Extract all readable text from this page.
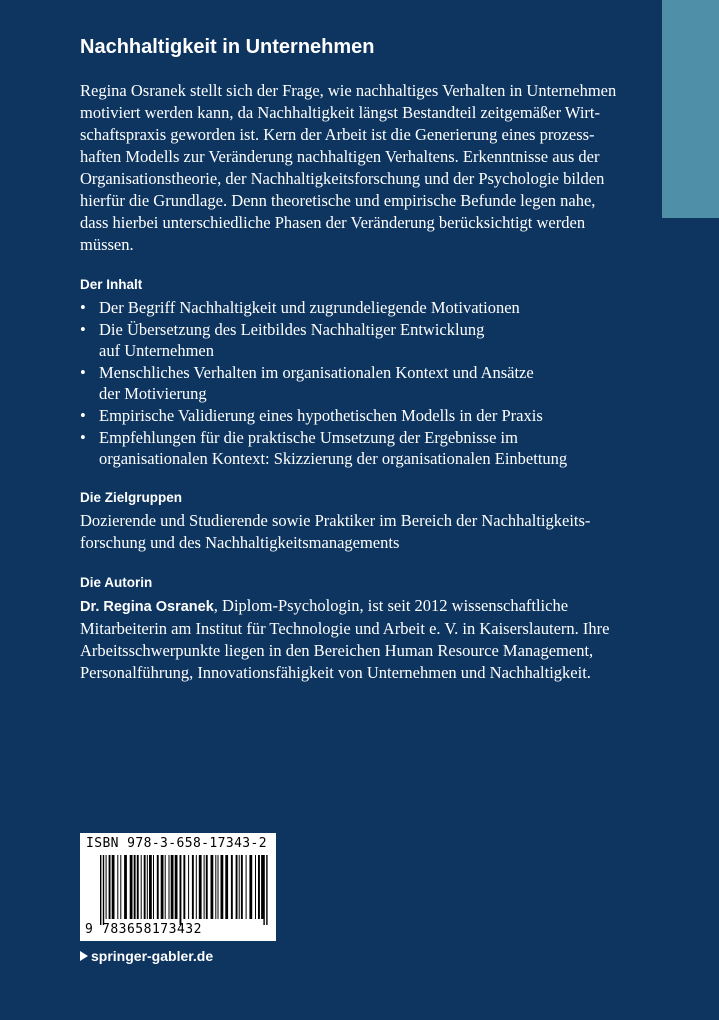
Nachhaltigkeit in Unternehmen
Regina Osranek stellt sich der Frage, wie nachhaltiges Verhalten in Unternehmen
motiviert werden kann, da Nachhaltigkeit längst Bestandteil zeitgemäßer Wirt-
schaftspraxis geworden ist. Kern der Arbeit ist die Generierung eines prozess-
haften Modells zur Veränderung nachhaltigen Verhaltens. Erkenntnisse aus der
Organisationstheorie, der Nachhaltigkeitsforschung und der Psychologie bilden
hierfür die Grundlage. Denn theoretische und empirische Befunde legen nahe,
dass hierbei unterschiedliche Phasen der Veränderung berücksichtigt werden
müssen.
Der Inhalt
• Der Begriff Nachhaltigkeit und zugrundeliegende Motivationen
• Die Übersetzung des Leitbildes Nachhaltiger Entwicklung
auf Unternehmen
• Menschliches Verhalten im organisationalen Kontext und Ansätze
der Motivierung
• Empirische Validierung eines hypothetischen Modells in der Praxis
• Empfehlungen für die praktische Umsetzung der Ergebnisse im
organisationalen Kontext: Skizzierung der organisationalen Einbettung
Die Zielgruppen
Dozierende und Studierende sowie Praktiker im Bereich der Nachhaltigkeits-
forschung und des Nachhaltigkeitsmanagements
Die Autorin
Dr. Regina Osranek, Diplom-Psychologin, ist seit 2012 wissenschaftliche
Mitarbeiterin am Institut für Technologie und Arbeit e. V. in Kaiserslautern. Ihre
Arbeitsschwerpunkte liegen in den Bereichen Human Resource Management,
Personalführung, Innovationsfähigkeit von Unternehmen und Nachhaltigkeit.
ISBN 978-3-658-17343-2
9 783658173432
springer-gabler.de
